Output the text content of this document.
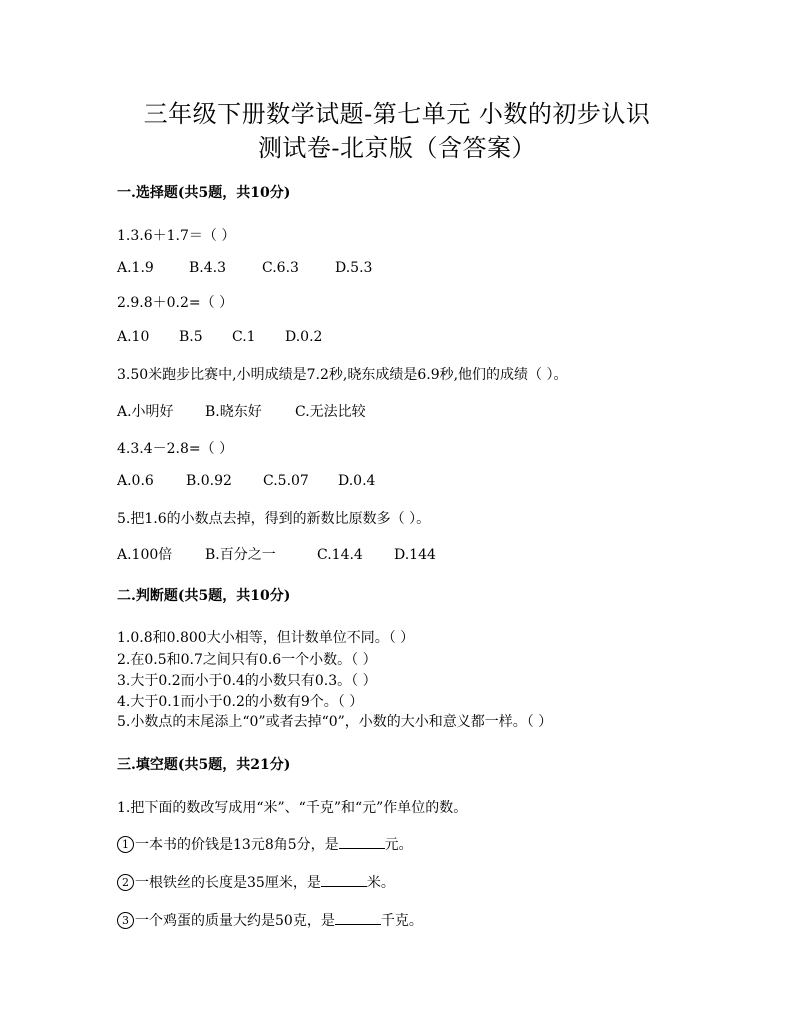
三年级下册数学试题-第七单元 小数的初步认识
测试卷-北京版（含答案）
一.选择题(共5题，共10分)
1.3.6＋1.7＝（ ）
A.1.9	B.4.3	C.6.3	D.5.3
2.9.8＋0.2=（ ）
A.10 B.5 C.1 D.0.2
3.50米跑步比赛中,小明成绩是7.2秒,晓东成绩是6.9秒,他们的成绩（ ）。
A.小明好 B.晓东好 C.无法比较
4.3.4－2.8=（ ）
A.0.6 B.0.92 C.5.07 D.0.4
5.把1.6的小数点去掉，得到的新数比原数多（ ）。
A.100倍 B.百分之一	C.14.4 D.144
二.判断题(共5题，共10分)
1.0.8和0.800大小相等，但计数单位不同。（ ）
2.在0.5和0.7之间只有0.6一个小数。（ ）
3.大于0.2而小于0.4的小数只有0.3。（ ）
4.大于0.1而小于0.2的小数有9个。（ ）
5.小数点的末尾添上“0”或者去掉“0”，小数的大小和意义都一样。（ ）
三.填空题(共5题，共21分)
1.把下面的数改写成用“米”、“千克”和“元”作单位的数。
1 一本书的价钱是13元8角5分，是	元。
2 一根铁丝的长度是35厘米，是	米。
3 一个鸡蛋的质量大约是50克，是	千克。
